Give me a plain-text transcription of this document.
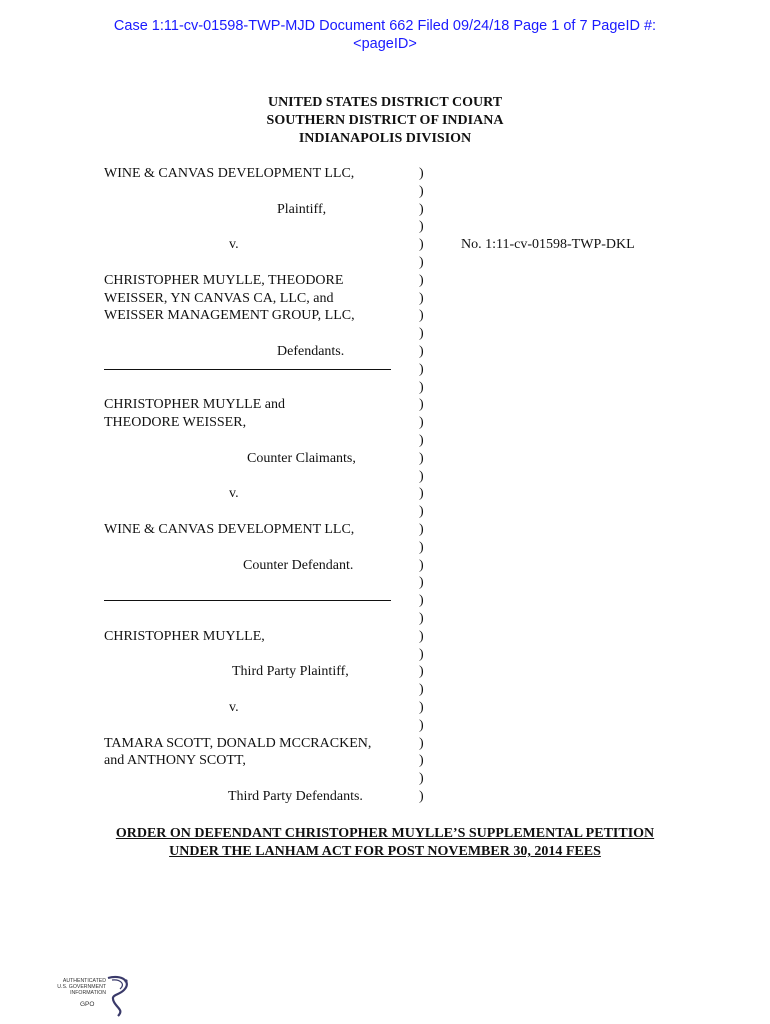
Case 1:11-cv-01598-TWP-MJD Document 662 Filed 09/24/18 Page 1 of 7 PageID #:
<pageID>
UNITED STATES DISTRICT COURT
SOUTHERN DISTRICT OF INDIANA
INDIANAPOLIS DIVISION
WINE & CANVAS DEVELOPMENT LLC,
Plaintiff,
v.
CHRISTOPHER MUYLLE, THEODORE
WEISSER, YN CANVAS CA, LLC, and
WEISSER MANAGEMENT GROUP, LLC,
Defendants.
CHRISTOPHER MUYLLE and
THEODORE WEISSER,
Counter Claimants,
v.
WINE & CANVAS DEVELOPMENT LLC,
Counter Defendant.
CHRISTOPHER MUYLLE,
Third Party Plaintiff,
v.
TAMARA SCOTT, DONALD MCCRACKEN,
and ANTHONY SCOTT,
Third Party Defendants.
)
)
)
)
)
)
)
)
)
)
)
)
)
)
)
)
)
)
)
)
)
)
)
)
)
)
)
)
)
)
)
)
)
)
)
)
No. 1:11-cv-01598-TWP-DKL
ORDER ON DEFENDANT CHRISTOPHER MUYLLE’S SUPPLEMENTAL PETITION
UNDER THE LANHAM ACT FOR POST NOVEMBER 30, 2014 FEES
AUTHENTICATED
U.S. GOVERNMENT
INFORMATION
GPO
